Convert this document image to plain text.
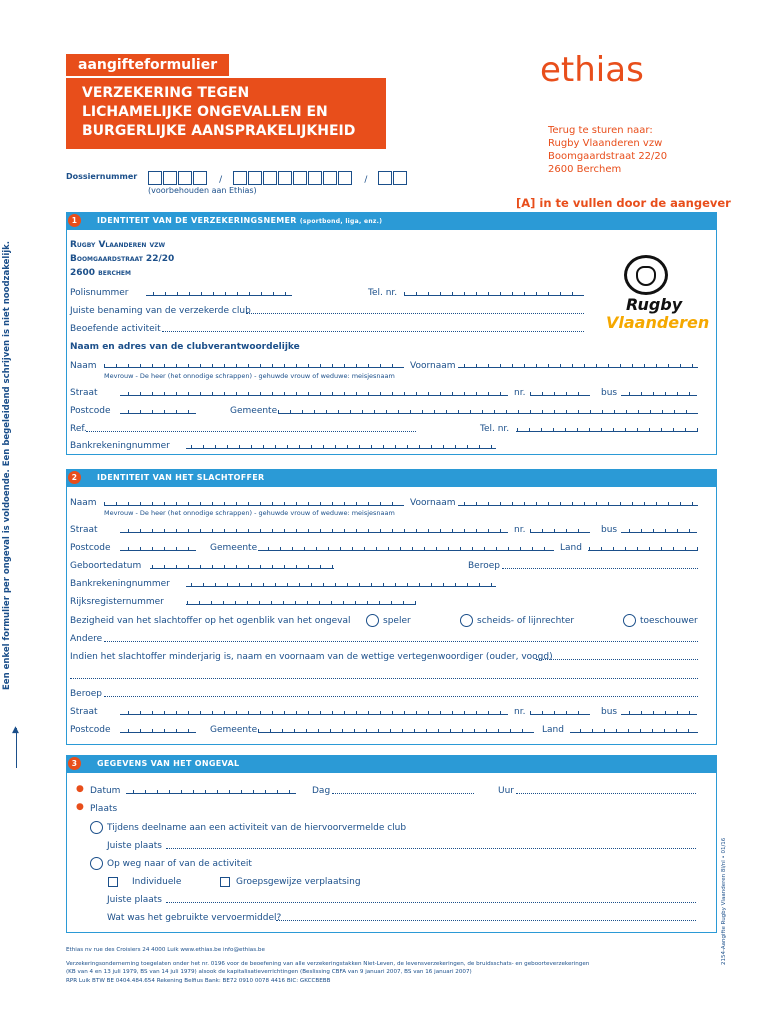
aangifteformulier
VERZEKERING TEGEN
LICHAMELIJKE ONGEVALLEN EN
BURGERLIJKE AANSPRAKELIJKHEID
ethias
Terug te sturen naar:
Rugby Vlaanderen vzw
Boomgaardstraat 22/20
2600 Berchem
Dossiernummer	/	/
(voorbehouden aan Ethias)
[A] in te vullen door de aangever
Een enkel formulier per ongeval is voldoende. Een begeleidend schrijven is niet noodzakelijk.
▲
2154-Aangifte Rugby Vlaanderen 8l/nl • 01/16
1 IDENTITEIT VAN DE VERZEKERINGSNEMER (sportbond, liga, enz.)
Rugby Vlaanderen vzw
Boomgaardstraat 22/20
2600 berchem
Rugby
Vlaanderen
Polisnummer	Tel. nr.
Juiste benaming van de verzekerde club
Beoefende activiteit
Naam en adres van de clubverantwoordelijke
Naam	Voornaam
Mevrouw - De heer (het onnodige schrappen) - gehuwde vrouw of weduwe: meisjesnaam
Straat	nr.	bus
Postcode	Gemeente
Ref.	Tel. nr.
Bankrekeningnummer
2 IDENTITEIT VAN HET SLACHTOFFER
Naam	Voornaam
Mevrouw - De heer (het onnodige schrappen) - gehuwde vrouw of weduwe: meisjesnaam
Straat	nr.	bus
Postcode	Gemeente	Land
Geboortedatum	Beroep
Bankrekeningnummer
Rijksregisternummer
Bezigheid van het slachtoffer op het ogenblik van het ongeval	speler	scheids- of lijnrechter	toeschouwer
Andere
Indien het slachtoffer minderjarig is, naam en voornaam van de wettige vertegenwoordiger (ouder, voogd)
Beroep
Straat	nr.	bus
Postcode	Gemeente	Land
3 GEGEVENS VAN HET ONGEVAL
● Datum	Dag	Uur
● Plaats
Tijdens deelname aan een activiteit van de hiervoorvermelde club
Juiste plaats
Op weg naar of van de activiteit
Individuele	Groepsgewijze verplaatsing
Juiste plaats
Wat was het gebruikte vervoermiddel?
Ethias nv rue des Croisiers 24 4000 Luik www.ethias.be info@ethias.be
Verzekeringsonderneming toegelaten onder het nr. 0196 voor de beoefening van alle verzekeringstakken Niet-Leven, de levensverzekeringen, de bruidsschats- en geboorteverzekeringen
(KB van 4 en 13 juli 1979, BS van 14 juli 1979) alsook de kapitalisatieverrichtingen (Beslissing CBFA van 9 januari 2007, BS van 16 januari 2007)
RPR Luik BTW BE 0404.484.654 Rekening Belfius Bank: BE72 0910 0078 4416 BIC: GKCCBEBB
